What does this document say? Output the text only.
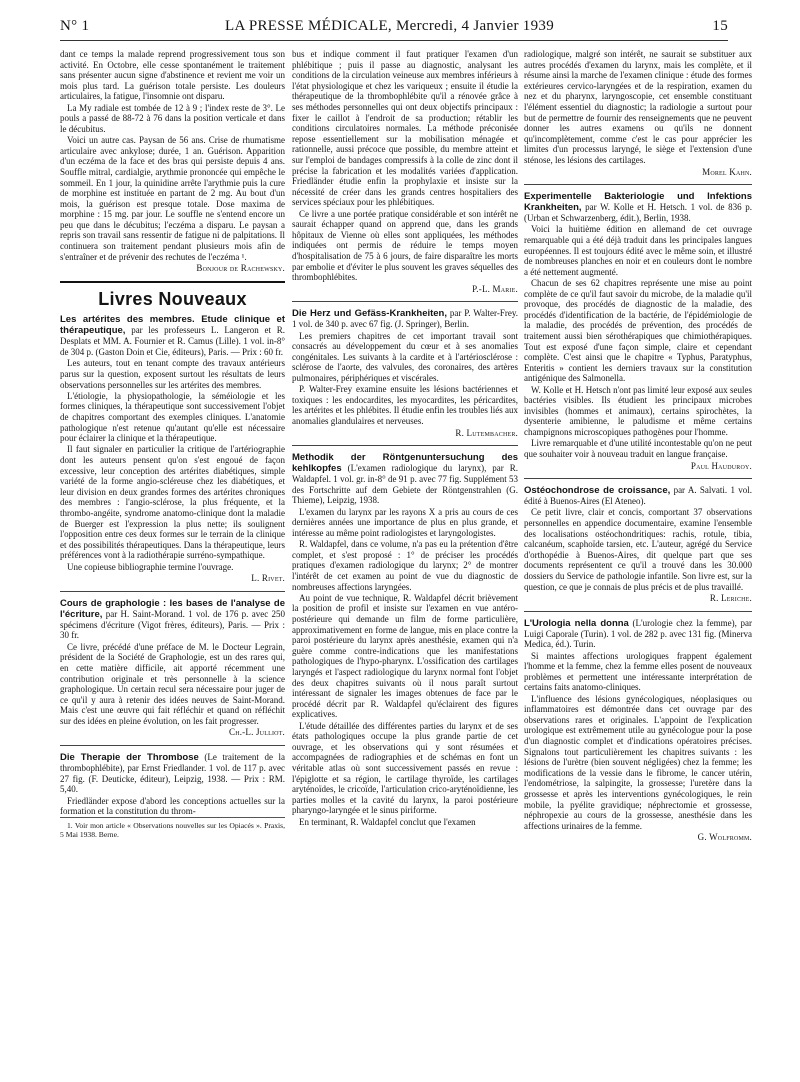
N° 1	LA PRESSE MÉDICALE, Mercredi, 4 Janvier 1939	15

dant ce temps la malade reprend progressivement tous son activité. En Octobre, elle cesse spontanément le traitement sans présenter aucun signe d'abstinence et revient me voir un mois plus tard. La guérison totale persiste. Les douleurs articulaires, la fatigue, l'insomnie ont disparu.

La My radiale est tombée de 12 à 9 ; l'index reste de 3°. Le pouls a passé de 88-72 à 76 dans la position verticale et dans le décubitus.

Voici un autre cas. Paysan de 56 ans. Crise de rhumatisme articulaire avec ankylose; durée, 1 an. Guérison. Apparition d'un eczéma de la face et des bras qui persiste depuis 4 ans. Souffle mitral, cardialgie, arythmie prononcée qui empêche le sommeil. En 1 jour, la quinidine arrête l'arythmie puis la cure de morphine est instituée en partant de 2 mg. Au bout d'un mois, la guérison est presque totale. Dose maxima de morphine : 15 mg. par jour. Le souffle ne s'entend encore un peu que dans le décubitus; l'eczéma a disparu. Le paysan a repris son travail sans ressentir de fatigue ni de palpitations. Il continuera son traitement pendant plusieurs mois afin de s'entraîner et de prévenir des rechutes de l'eczéma ¹.

Bonjour de Rachewsky.
Livres Nouveaux

Les artérites des membres. Etude clinique et thérapeutique, par les professeurs L. Langeron et R. Desplats et MM. A. Fournier et R. Camus (Lille). 1 vol. in-8° de 304 p. (Gaston Doin et Cie, éditeurs), Paris. — Prix : 60 fr.

Les auteurs, tout en tenant compte des travaux antérieurs parus sur la question, exposent surtout les résultats de leurs observations personnelles sur les artérites des membres.

L'étiologie, la physiopathologie, la séméiologie et les formes cliniques, la thérapeutique sont successivement l'objet de chapitres comportant des exemples cliniques. L'anatomie pathologique n'est retenue qu'autant qu'elle est nécessaire pour éclairer la clinique et la thérapeutique.

Il faut signaler en particulier la critique de l'artériographie dont les auteurs pensent qu'on s'est engoué de façon excessive, leur conception des artérites diabétiques, simple variété de la forme angio-scléreuse chez les diabétiques, et leur division en deux grandes formes des artérites chroniques des membres : l'angio-sclérose, la plus fréquente, et la thrombo-angéite, syndrome anatomo-clinique dont la maladie de Buerger est l'expression la plus nette; ils soulignent l'opposition entre ces deux formes sur le terrain de la clinique et des possibilités thérapeutiques. Dans la thérapeutique, leurs préférences vont à la radiothérapie surréno-sympathique.

Une copieuse bibliographie termine l'ouvrage.

L. Rivet.

Cours de graphologie : les bases de l'analyse de l'écriture, par H. Saint-Morand. 1 vol. de 176 p. avec 250 spécimens d'écriture (Vigot frères, éditeurs), Paris. — Prix : 30 fr.

Ce livre, précédé d'une préface de M. le Docteur Legrain, président de la Société de Graphologie, est un des rares qui, en cette matière difficile, ait apporté récemment une contribution originale et très personnelle à la science graphologique. Un certain recul sera nécessaire pour juger de ce qu'il y aura à retenir des idées neuves de Saint-Morand. Mais c'est une œuvre qui fait réfléchir et quand on réfléchit sur des idées en pleine évolution, on les fait progresser.

Ch.-L. Julliot.

Die Therapie der Thrombose (Le traitement de la thrombophlébite), par Ernst Friedlander. 1 vol. de 117 p. avec 27 fig. (F. Deuticke, éditeur), Leipzig, 1938. — Prix : RM. 5,40.

Friedländer expose d'abord les conceptions actuelles sur la formation et la constitution du throm-

1. Voir mon article « Observations nouvelles sur les Opiacés ». Praxis, 5 Mai 1938. Berne.

bus et indique comment il faut pratiquer l'examen d'un phlébitique ; puis il passe au diagnostic, analysant les conditions de la circulation veineuse aux membres inférieurs à l'état physiologique et chez les variqueux ; ensuite il étudie la thérapeutique de la thrombophlébite qu'il a rénovée grâce à ses méthodes personnelles qui ont deux objectifs principaux : fixer le caillot à l'endroit de sa production; rétablir les conditions circulatoires normales. La méthode préconisée repose essentiellement sur la mobilisation ménagée et rationnelle, aussi précoce que possible, du membre atteint et sur l'emploi de bandages compressifs à la colle de zinc dont il précise la fabrication et les modalités variées d'application. Friedländer étudie enfin la prophylaxie et insiste sur la nécessité de créer dans les grands centres hospitaliers des services spéciaux pour les phlébitiques.

Ce livre a une portée pratique considérable et son intérêt ne saurait échapper quand on apprend que, dans les grands hôpitaux de Vienne où elles sont appliquées, les méthodes indiquées ont permis de réduire le temps moyen d'hospitalisation de 75 à 6 jours, de faire disparaître les morts par embolie et d'éviter le plus souvent les graves séquelles des thrombophlébites.

P.-L. Marie.

Die Herz und Gefäss-Krankheiten, par P. Walter-Frey. 1 vol. de 340 p. avec 67 fig. (J. Springer), Berlin.

Les premiers chapitres de cet important travail sont consacrés au développement du cœur et à ses anomalies congénitales. Les suivants à la cardite et à l'artériosclérose : sclérose de l'aorte, des valvules, des coronaires, des artères pulmonaires, périphériques et viscérales.

P. Walter-Frey examine ensuite les lésions bactériennes et toxiques : les endocardites, les myocardites, les péricardites, les artérites et les phlébites. Il étudie enfin les troubles liés aux anomalies glandulaires et nerveuses.

R. Lutembacher.

Methodik der Röntgenuntersuchung des kehlkopfes (L'examen radiologique du larynx), par R. Waldapfel. 1 vol. gr. in-8° de 91 p. avec 77 fig. Supplément 53 des Fortschritte auf dem Gebiete der Röntgenstrahlen (G. Thieme), Leipzig, 1938.

L'examen du larynx par les rayons X a pris au cours de ces dernières années une importance de plus en plus grande, et intéresse au même point radiologistes et laryngologistes.

R. Waldapfel, dans ce volume, n'a pas eu la prétention d'être complet, et s'est proposé : 1° de préciser les procédés pratiques d'examen radiologique du larynx; 2° de montrer l'intérêt de cet examen au point de vue du diagnostic de nombreuses affections laryngées.

Au point de vue technique, R. Waldapfel décrit brièvement la position de profil et insiste sur l'examen en vue antéro-postérieure qui demande un film de forme particulière, approximativement en forme de langue, mis en place contre la paroi postérieure du larynx après anesthésie, examen qui n'a guère comme contre-indications que les manifestations pathologiques de l'hypo-pharynx. L'ossification des cartilages laryngés et l'aspect radiologique du larynx normal font l'objet des deux chapitres suivants où il nous paraît surtout intéressant de signaler les images obtenues de face par le procédé décrit par R. Waldapfel qu'éclairent des figures explicatives.

L'étude détaillée des différentes parties du larynx et de ses états pathologiques occupe la plus grande partie de cet ouvrage, et les observations qui y sont résumées et accompagnées de radiographies et de schémas en font un véritable atlas où sont successivement passés en revue : l'épiglotte et sa région, le cartilage thyroïde, les cartilages aryténoïdes, le cricoïde, l'articulation crico-aryténoïdienne, les parties molles et la cavité du larynx, la paroi postérieure pharyngo-laryngée et le sinus piriforme.

En terminant, R. Waldapfel conclut que l'examen

radiologique, malgré son intérêt, ne saurait se substituer aux autres procédés d'examen du larynx, mais les complète, et il résume ainsi la marche de l'examen clinique : étude des formes extérieures cervico-laryngées et de la respiration, examen du nez et du pharynx, laryngoscopie, cet ensemble constituant l'élément essentiel du diagnostic; la radiologie a surtout pour but de permettre de fournir des renseignements que ne peuvent donner les autres examens ou qu'ils ne donnent qu'incomplètement, comme c'est le cas pour apprécier les limites d'un processus laryngé, le siège et l'extension d'une sténose, les lésions des cartilages.

Morel Kahn.

Experimentelle Bakteriologie und Infektions Krankheiten, par W. Kolle et H. Hetsch. 1 vol. de 836 p. (Urban et Schwarzenberg, édit.), Berlin, 1938.

Voici la huitième édition en allemand de cet ouvrage remarquable qui a été déjà traduit dans les principales langues européennes. Il est toujours édité avec le même soin, et illustré de nombreuses planches en noir et en couleurs dont le nombre a été nettement augmenté.

Chacun de ses 62 chapitres représente une mise au point complète de ce qu'il faut savoir du microbe, de la maladie qu'il provoque, des procédés de diagnostic de la maladie, des procédés d'identification de la bactérie, de l'épidémiologie de la maladie, des procédés de prévention, des procédés de traitement aussi bien sérothérapiques que chimiothérapiques. Tout est exposé d'une façon simple, claire et cependant complète. C'est ainsi que le chapitre « Typhus, Paratyphus, Enteritis » contient les derniers travaux sur la constitution antigénique des Salmonella.

W. Kolle et H. Hetsch n'ont pas limité leur exposé aux seules bactéries visibles. Ils étudient les principaux microbes invisibles (hommes et animaux), certains spirochètes, la dysenterie amibienne, le paludisme et même certains champignons microscopiques pathogènes pour l'homme.

Livre remarquable et d'une utilité incontestable qu'on ne peut que souhaiter voir à nouveau traduit en langue française.

Paul Hauduroy.

Ostéochondrose de croissance, par A. Salvati. 1 vol. édité à Buenos-Aires (El Ateneo).

Ce petit livre, clair et concis, comportant 37 observations personnelles en appendice documentaire, examine l'ensemble des localisations ostéochondritiques: rachis, rotule, tibia, calcanéum, scaphoïde tarsien, etc. L'auteur, agrégé du Service d'orthopédie à Buenos-Aires, dit quelque part que ses documents représentent ce qu'il a trouvé dans les 30.000 dossiers du Service de pathologie infantile. Son livre est, sur la question, ce que je connais de plus précis et de plus travaillé.

R. Leriche.

L'Urologia nella donna (L'urologie chez la femme), par Luigi Caporale (Turin). 1 vol. de 282 p. avec 131 fig. (Minerva Medica, éd.). Turin.

Si maintes affections urologiques frappent également l'homme et la femme, chez la femme elles posent de nouveaux problèmes et permettent une intéressante interprétation de certains faits anatomo-cliniques.

L'influence des lésions gynécologiques, néoplasiques ou inflammatoires est démontrée dans cet ouvrage par des observations rares et originales. L'appoint de l'explication urologique est extrêmement utile au gynécologue pour la pose d'un diagnostic complet et d'indications opératoires précises. Signalons tout particulièrement les chapitres suivants : les lésions de l'urètre (bien souvent négligées) chez la femme; les modifications de la vessie dans le fibrome, le cancer utérin, l'endométriose, la salpingite, la grossesse; l'uretère dans la grossesse et après les interventions gynécologiques, le rein mobile, la pyélite gravidique; néphrectomie et grossesse, néphropexie au cours de la grossesse, anesthésie dans les affections urinaires de la femme.

G. Wolfromm.
